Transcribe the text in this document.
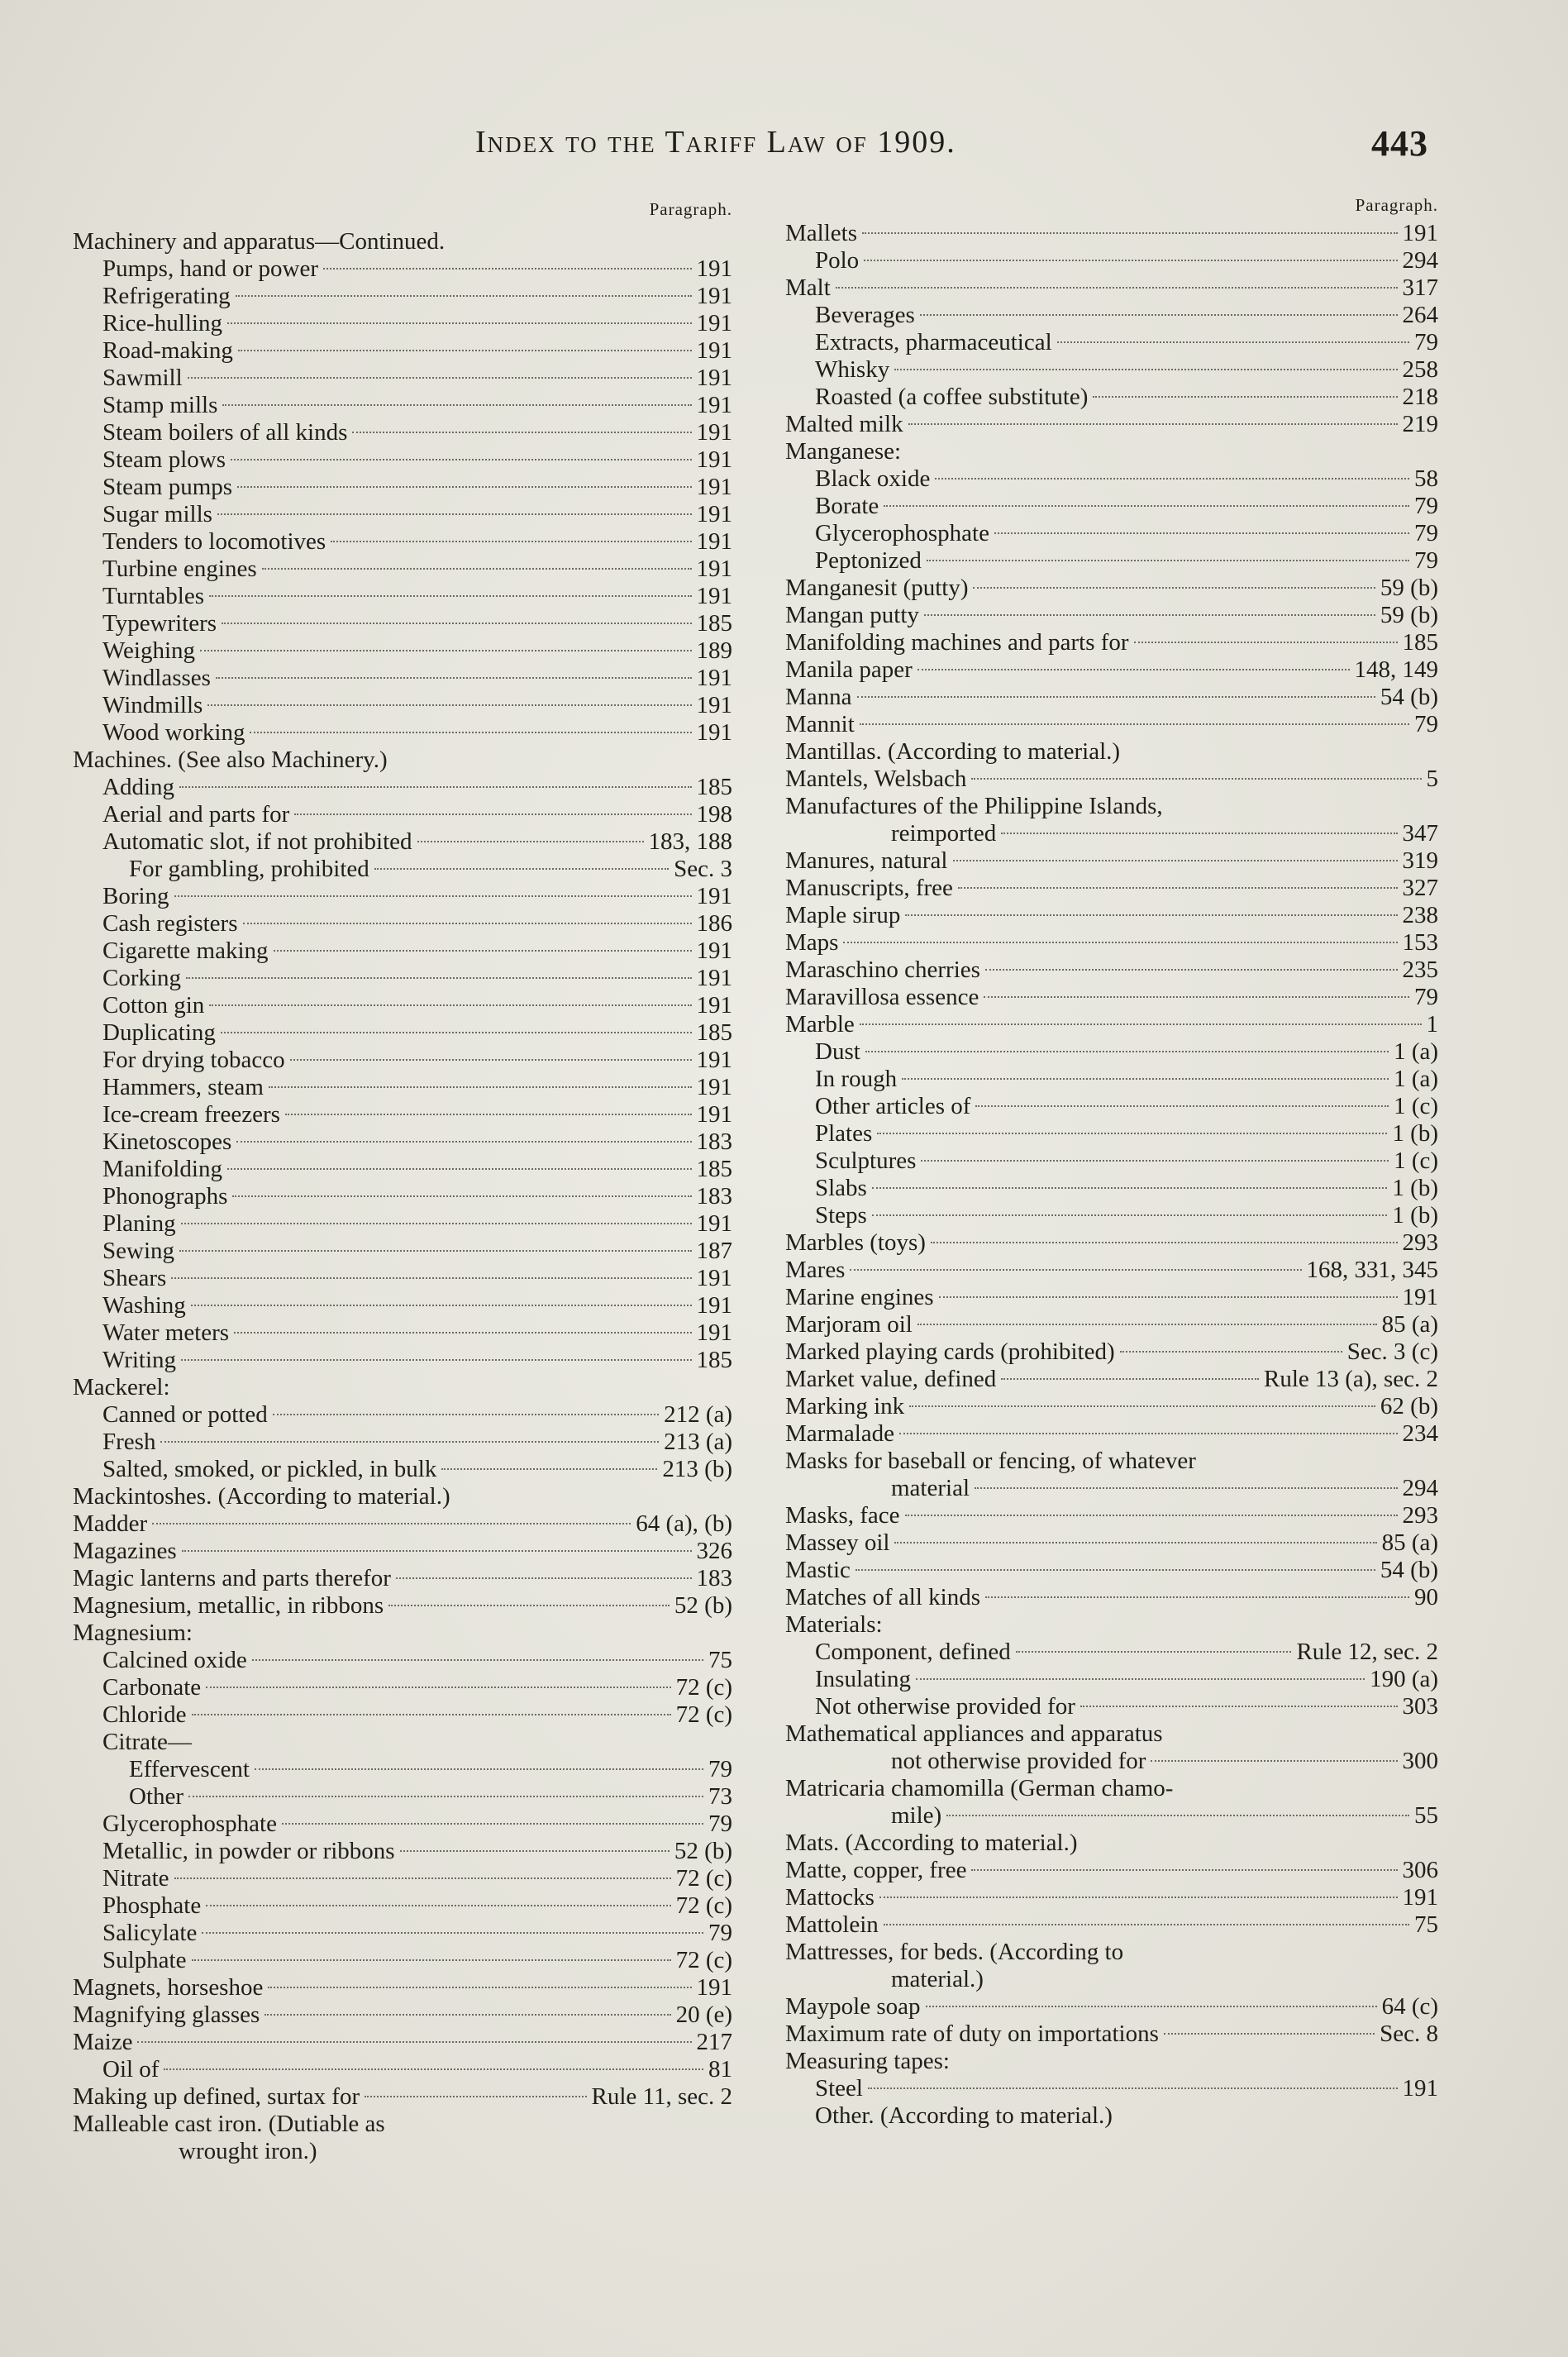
Index to the Tariff Law of 1909.	443
Paragraph.
Machinery and apparatus—Continued.
Pumps, hand or power	191
Refrigerating	191
Rice-hulling	191
Road-making	191
Sawmill	191
Stamp mills	191
Steam boilers of all kinds	191
Steam plows	191
Steam pumps	191
Sugar mills	191
Tenders to locomotives	191
Turbine engines	191
Turntables	191
Typewriters	185
Weighing	189
Windlasses	191
Windmills	191
Wood working	191
Machines. (See also Machinery.)
Adding	185
Aerial and parts for	198
Automatic slot, if not prohibited	183, 188
For gambling, prohibited	Sec. 3
Boring	191
Cash registers	186
Cigarette making	191
Corking	191
Cotton gin	191
Duplicating	185
For drying tobacco	191
Hammers, steam	191
Ice-cream freezers	191
Kinetoscopes	183
Manifolding	185
Phonographs	183
Planing	191
Sewing	187
Shears	191
Washing	191
Water meters	191
Writing	185
Mackerel:
Canned or potted	212 (a)
Fresh	213 (a)
Salted, smoked, or pickled, in bulk	213 (b)
Mackintoshes. (According to material.)
Madder	64 (a), (b)
Magazines	326
Magic lanterns and parts therefor	183
Magnesium, metallic, in ribbons	52 (b)
Magnesium:
Calcined oxide	75
Carbonate	72 (c)
Chloride	72 (c)
Citrate—
Effervescent	79
Other	73
Glycerophosphate	79
Metallic, in powder or ribbons	52 (b)
Nitrate	72 (c)
Phosphate	72 (c)
Salicylate	79
Sulphate	72 (c)
Magnets, horseshoe	191
Magnifying glasses	20 (e)
Maize	217
Oil of	81
Making up defined, surtax for	Rule 11, sec. 2
Malleable cast iron. (Dutiable as
wrought iron.)
Paragraph.
Mallets	191
Polo	294
Malt	317
Beverages	264
Extracts, pharmaceutical	79
Whisky	258
Roasted (a coffee substitute)	218
Malted milk	219
Manganese:
Black oxide	58
Borate	79
Glycerophosphate	79
Peptonized	79
Manganesit (putty)	59 (b)
Mangan putty	59 (b)
Manifolding machines and parts for	185
Manila paper	148, 149
Manna	54 (b)
Mannit	79
Mantillas. (According to material.)
Mantels, Welsbach	5
Manufactures of the Philippine Islands,
reimported	347
Manures, natural	319
Manuscripts, free	327
Maple sirup	238
Maps	153
Maraschino cherries	235
Maravillosa essence	79
Marble	1
Dust	1 (a)
In rough	1 (a)
Other articles of	1 (c)
Plates	1 (b)
Sculptures	1 (c)
Slabs	1 (b)
Steps	1 (b)
Marbles (toys)	293
Mares	168, 331, 345
Marine engines	191
Marjoram oil	85 (a)
Marked playing cards (prohibited)	Sec. 3 (c)
Market value, defined	Rule 13 (a), sec. 2
Marking ink	62 (b)
Marmalade	234
Masks for baseball or fencing, of whatever
material	294
Masks, face	293
Massey oil	85 (a)
Mastic	54 (b)
Matches of all kinds	90
Materials:
Component, defined	Rule 12, sec. 2
Insulating	190 (a)
Not otherwise provided for	303
Mathematical appliances and apparatus
not otherwise provided for	300
Matricaria chamomilla (German chamo-
mile)	55
Mats. (According to material.)
Matte, copper, free	306
Mattocks	191
Mattolein	75
Mattresses, for beds. (According to
material.)
Maypole soap	64 (c)
Maximum rate of duty on importations	Sec. 8
Measuring tapes:
Steel	191
Other. (According to material.)
